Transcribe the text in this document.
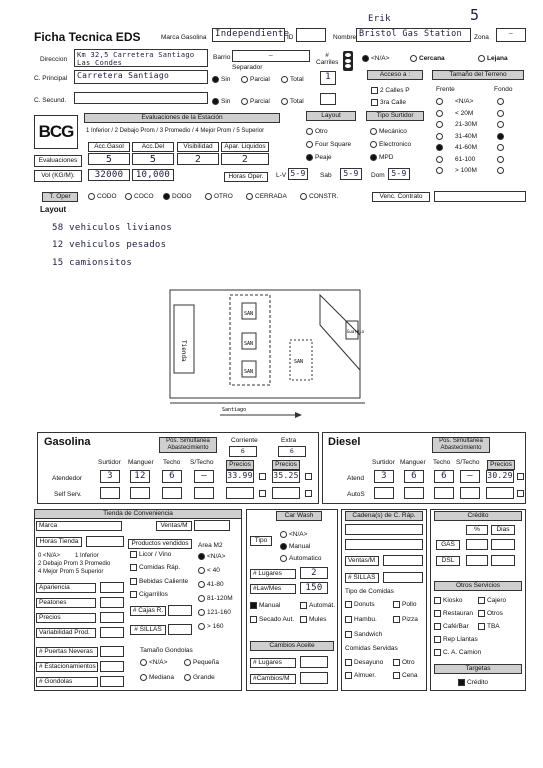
Ficha Tecnica EDS	Marca Gasolina Independiente
ID	Nombre Bristol Gas Station	Zona
—
Erik	5
Direccion
Km 32,5 Carretera Santiago Las Condes
Barrio	—
Separador
# Carriles
<N/A>	Cercana	Lejana
C. Principal	Carretera Santiago	Sin	Parcial	Total	1
C. Secund.	Sin	Parcial	Total
Acceso a :
2 Calles P
3ra Calle
Tamaño del Terreno
Frente	Fondo
<N/A>
< 20M
21-30M
31-40M
41-60M
61-100
> 100M
BCG
Evaluaciones de la Estación
1 Inferior / 2 Debajo Prom / 3 Promedio / 4 Mejor Prom / 5 Superior
Acc.Gasol	Acc.Del	Visibilidad	Apar. Liquidos
Evaluaciones	5	5	2	2
Vol (KG/M):	32000	10,000	Horas Oper.	L-V 5-9	Sab	5-9	Dom 5-9
Layout
Otro
Four Square
Peaje
Tipo Surtidor
Mecánico
Electronico
MPD
T. Oper	CODO	COCO	DODO	OTRO	CERRADA	CONSTR.	Venc. Contrato
Layout
58 vehiculos livianos
12 vehiculos pesados
15 camionsitos
Tienda
SAN
SAN
SAN
SAN
Guardia
Santiago
Gasolina	Pos. Simultanea Abastecimiento
Corriente	Extra
6	6
Surtidor Manguer Techo S/Techo	Precios	Precios
Atendedor	3	12	6	—	33.99	35.25
Self Serv.
Diesel	Pos. Simultanea Abastecimiento
Surtidor Manguer Techo S/Techo	Precios
Atend	3	6	6	—	30.29
AutoS
Tienda de Conveniencia
Marca	Ventas/M
Horas Tienda
0 <N/A>	1 Inferior
2 Debajo Prom 3 Promedio
4 Mejor Prom 5 Superior
Productos vendidos
Licor / Vino
Comidas Ráp.
Bebidas Caliente
Cigarrillos
Area M2
<N/A>
< 40
41-80
81-120M
121-160
> 160
Apariencia
Peatones
Precios
Variabilidad Prod.
# Cajas R.
# SILLAS
# Puertas Neveras
# Estacionamientos
# Gondolas
Tamaño Gondolas
<N/A>	Pequeña
Mediana	Grande
Car Wash
Tipo
<N/A>
Manual
Automatico
# Lugares	2
#Lav/Mes	150
Manual	Automát.
Secado Aut.	Mules
Cambios Aceite
# Lugares
#Cambios/M
Cadena(s) de C. Ráp.
Ventas/M
# SILLAS
Tipo de Comidas
Donuts	Pollo
Hambu.	Pizza
Sandwich
Comidas Servidas
Desayuno	Otro
Almuer.	Cena
Crédito
%	Dias
GAS
DSL
Otros Servicios
Kiosko	Cajero
Restauran	Otros
Café/Bar	TBA
Rep Llantas
C. A. Camion
Targetas
Crédito
